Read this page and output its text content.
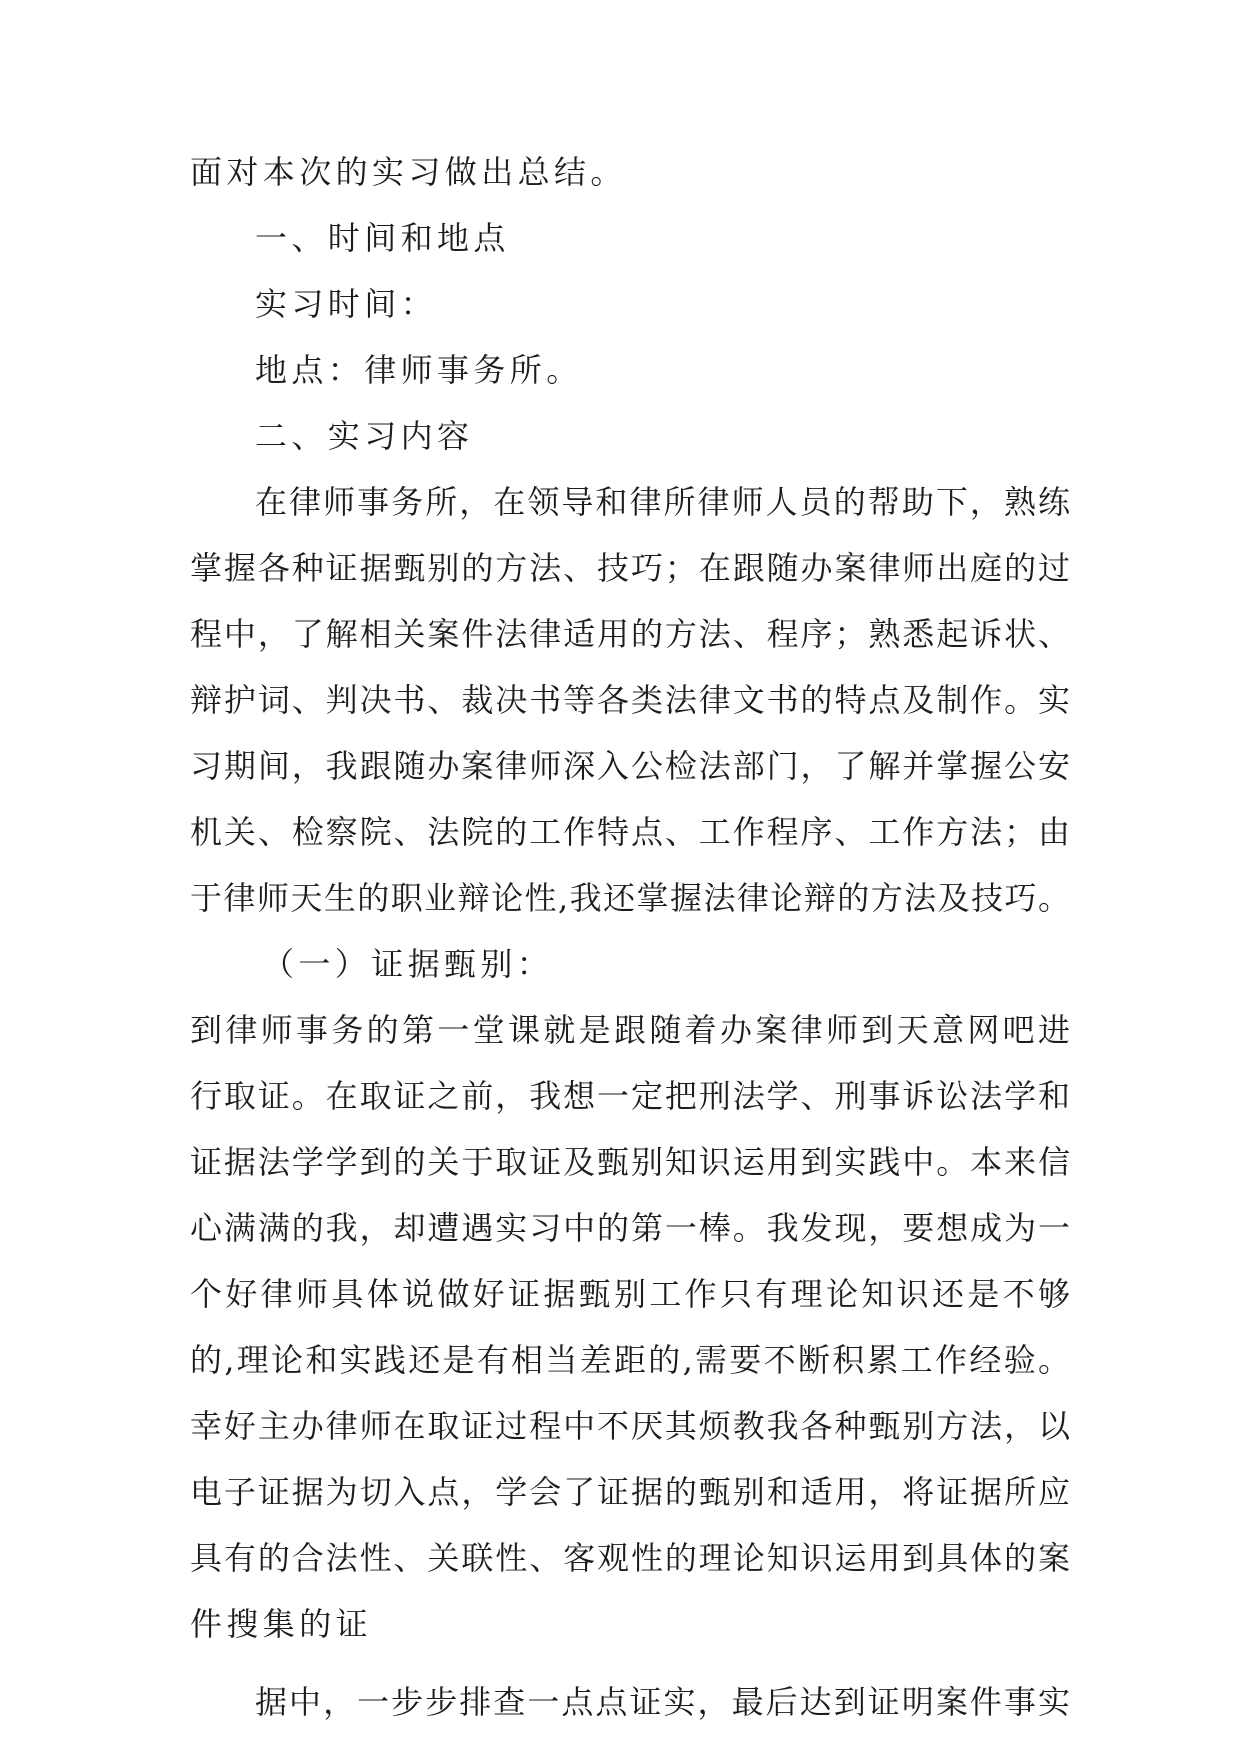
面对本次的实习做出总结。
一、时间和地点
实习时间：
地点：律师事务所。
二、实习内容
在律师事务所，在领导和律所律师人员的帮助下，熟练
掌握各种证据甄别的方法、技巧；在跟随办案律师出庭的过
程中，了解相关案件法律适用的方法、程序；熟悉起诉状、
辩护词、判决书、裁决书等各类法律文书的特点及制作。实
习期间，我跟随办案律师深入公检法部门，了解并掌握公安
机关、检察院、法院的工作特点、工作程序、工作方法；由
于律师天生的职业辩论性,我还掌握法律论辩的方法及技巧。
（一）证据甄别：
到律师事务的第一堂课就是跟随着办案律师到天意网吧进
行取证。在取证之前，我想一定把刑法学、刑事诉讼法学和
证据法学学到的关于取证及甄别知识运用到实践中。本来信
心满满的我，却遭遇实习中的第一棒。我发现，要想成为一
个好律师具体说做好证据甄别工作只有理论知识还是不够
的,理论和实践还是有相当差距的,需要不断积累工作经验。
幸好主办律师在取证过程中不厌其烦教我各种甄别方法，以
电子证据为切入点，学会了证据的甄别和适用，将证据所应
具有的合法性、关联性、客观性的理论知识运用到具体的案
件搜集的证
据中，一步步排查一点点证实，最后达到证明案件事实
